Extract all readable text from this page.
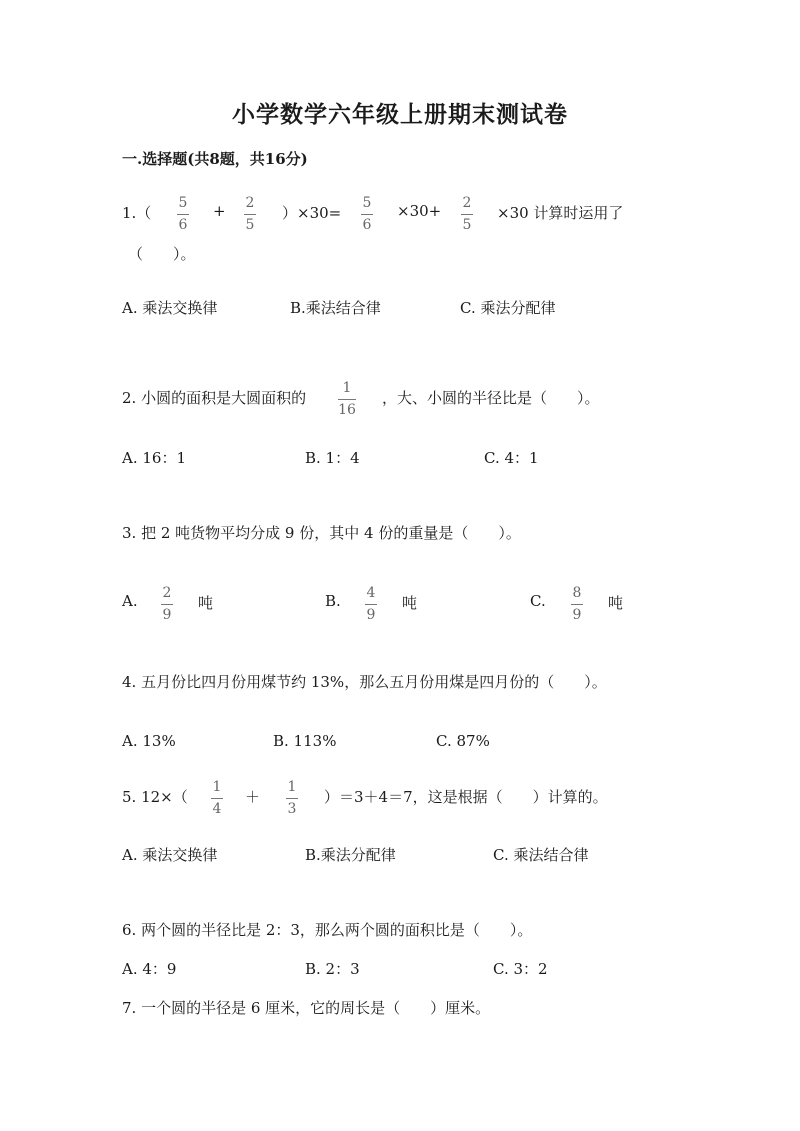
小学数学六年级上册期末测试卷
一.选择题(共8题，共16分)
1.（
5
6
+ 2
5
）×30=
5
6
×30+ 2
5
×30 计算时运用了
（　　）。
A. 乘法交换律	B.乘法结合律	C. 乘法分配律
2. 小圆的面积是大圆面积的
1
16
，大、小圆的半径比是（　　）。
A. 16：1	B. 1：4	C. 4：1
3. 把 2 吨货物平均分成 9 份，其中 4 份的重量是（　　）。
A. 2
9
吨	B. 4
9
吨	C. 8
9
吨
4. 五月份比四月份用煤节约 13%，那么五月份用煤是四月份的（　　）。
A. 13%	B. 113%	C. 87%
5. 12×（
1
4
＋
1
3
）＝3＋4＝7，这是根据（　　）计算的。
A. 乘法交换律	B.乘法分配律	C. 乘法结合律
6. 两个圆的半径比是 2：3，那么两个圆的面积比是（　　）。
A. 4：9	B. 2：3	C. 3：2
7. 一个圆的半径是 6 厘米，它的周长是（　　）厘米。
